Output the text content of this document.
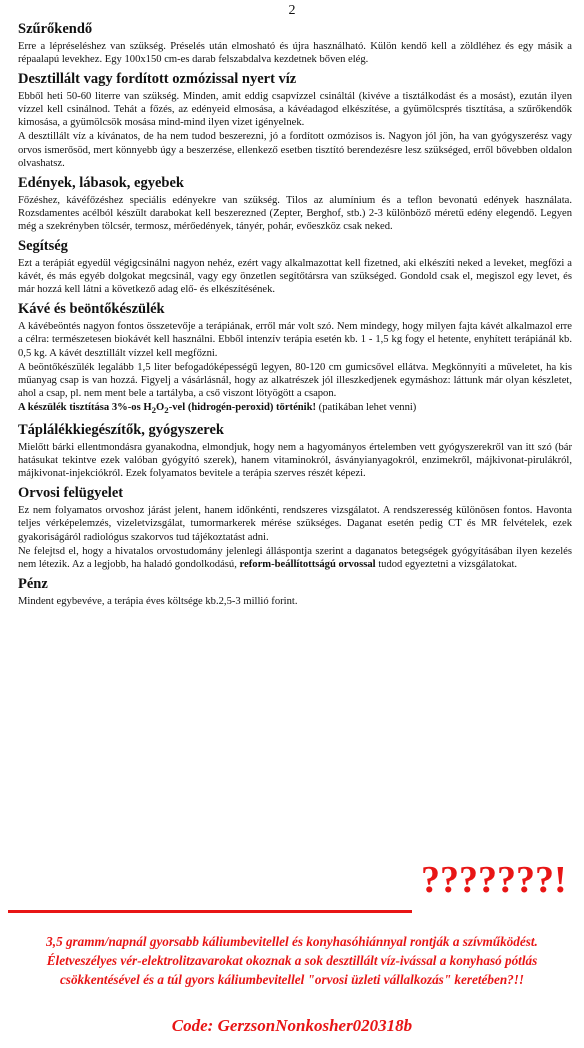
2
Szűrőkendő

Erre a lépréseléshez van szükség. Préselés után elmosható és újra használható. Külön kendő kell a zöldléhez és egy másik a répaalapú levekhez. Egy 100x150 cm-es darab felszabdalva kezdetnek bőven elég.

Desztillált vagy fordított ozmózissal nyert víz

Ebből heti 50-60 literre van szükség. Minden, amit eddig csapvízzel csináltál (kivéve a tisztálkodást és a mosást), ezután ilyen vízzel kell csinálnod. Tehát a főzés, az edényeid elmosása, a kávéadagod elkészítése, a gyümölcsprés tisztítása, a szűrőkendők kimosása, a gyümölcsök mosása mind-mind ilyen vizet igényelnek.

A desztillált víz a kívánatos, de ha nem tudod beszerezni, jó a fordított ozmózisos is. Nagyon jól jön, ha van gyógyszerész vagy orvos ismerősöd, mert könnyebb úgy a beszerzése, ellenkező esetben tisztító berendezésre lesz szükséged, erről bővebben oldalon olvashatsz.

Edények, lábasok, egyebek

Főzéshez, kávéfőzéshez speciális edényekre van szükség. Tilos az alumínium és a teflon bevonatú edények használata. Rozsdamentes acélból készült darabokat kell beszerezned (Zepter, Berghof, stb.) 2-3 különböző méretű edény elegendő. Legyen még a szekrényben tölcsér, termosz, mérőedények, tányér, pohár, evőeszköz csak neked.

Segítség

Ezt a terápiát egyedül végigcsinálni nagyon nehéz, ezért vagy alkalmazottat kell fizetned, aki elkészíti neked a leveket, megfőzi a kávét, és más egyéb dolgokat megcsinál, vagy egy önzetlen segítőtársra van szükséged. Gondold csak el, megiszol egy levet, és már hozzá kell látni a következő adag elő- és elkészítésének.

Kávé és beöntőkészülék

A kávébeöntés nagyon fontos összetevője a terápiának, erről már volt szó. Nem mindegy, hogy milyen fajta kávét alkalmazol erre a célra: természetesen biokávét kell használni. Ebből intenzív terápia esetén kb. 1 - 1,5 kg fogy el hetente, enyhített terápiánál kb. 0,5 kg. A kávét desztillált vízzel kell megfőzni.

A beöntőkészülék legalább 1,5 liter befogadóképességű legyen, 80-120 cm gumicsővel ellátva. Megkönnyíti a műveletet, ha kis műanyag csap is van hozzá. Figyelj a vásárlásnál, hogy az alkatrészek jól illeszkedjenek egymáshoz: láttunk már olyan készletet, ahol a csap, pl. nem ment bele a tartályba, a cső viszont lötyögött a csapon.

A készülék tisztítása 3%-os $H_2O_2$-vel (hidrogén-peroxid) történik! (patikában lehet venni)

Táplálékkiegészítők, gyógyszerek

Mielőtt bárki ellentmondásra gyanakodna, elmondjuk, hogy nem a hagyományos értelemben vett gyógyszerekről van itt szó (bár hatásukat tekintve ezek valóban gyógyító szerek), hanem vitaminokról, ásványianyagokról, enzimekről, májkivonat-pirulákról, májkivonat-injekciókról. Ezek folyamatos bevitele a terápia szerves részét képezi.

Orvosi felügyelet

Ez nem folyamatos orvoshoz járást jelent, hanem időnkénti, rendszeres vizsgálatot. A rendszeresség különösen fontos. Havonta teljes vérképelemzés, vizeletvizsgálat, tumormarkerek mérése szükséges. Daganat esetén pedig CT és MR felvételek, ezek gyakoriságáról radiológus szakorvos tud tájékoztatást adni.

Ne felejtsd el, hogy a hivatalos orvostudomány jelenlegi álláspontja szerint a daganatos betegségek gyógyításában ilyen kezelés nem létezik. Az a legjobb, ha haladó gondolkodású, reform-beállítottságú orvossal tudod egyeztetni a vizsgálatokat.

Pénz

Mindent egybevéve, a terápia éves költsége kb.2,5-3 millió forint.

???????!
3,5 gramm/napnál gyorsabb káliumbevitellel és konyhasóhiánnyal rontják a szívműködést.
Életveszélyes vér-elektrolitzavarokat okoznak a sok desztillált víz-ivással a konyhasó pótlás
csökkentésével és a túl gyors káliumbevitellel "orvosi üzleti vállalkozás" keretében?!!
Code: GerzsonNonkosher020318b
